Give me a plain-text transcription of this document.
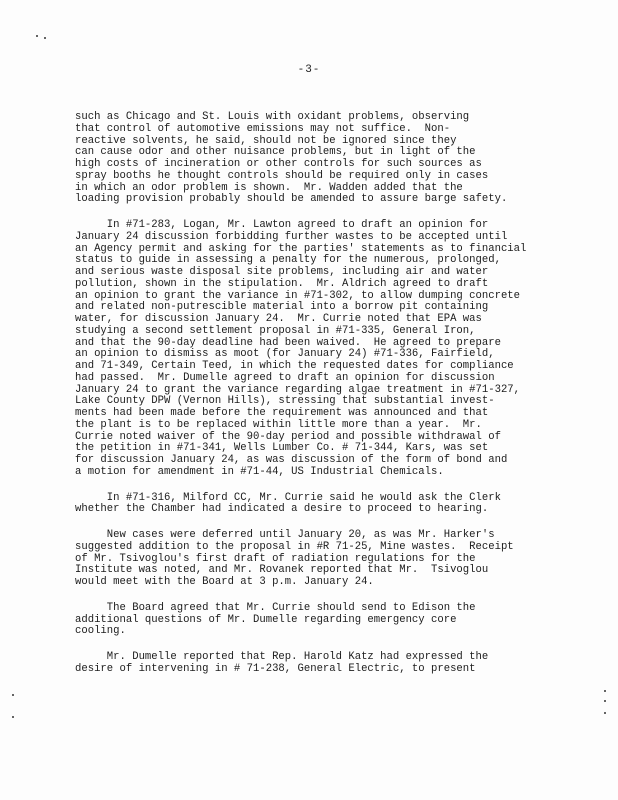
-3-
such as Chicago and St. Louis with oxidant problems, observing
that control of automotive emissions may not suffice.  Non-
reactive solvents, he said, should not be ignored since they
can cause odor and other nuisance problems, but in light of the
high costs of incineration or other controls for such sources as
spray booths he thought controls should be required only in cases
in which an odor problem is shown.  Mr. Wadden added that the
loading provision probably should be amended to assure barge safety.
In #71-283, Logan, Mr. Lawton agreed to draft an opinion for
January 24 discussion forbidding further wastes to be accepted until
an Agency permit and asking for the parties' statements as to financial
status to guide in assessing a penalty for the numerous, prolonged,
and serious waste disposal site problems, including air and water
pollution, shown in the stipulation.  Mr. Aldrich agreed to draft
an opinion to grant the variance in #71-302, to allow dumping concrete
and related non-putrescible material into a borrow pit containing
water, for discussion January 24.  Mr. Currie noted that EPA was
studying a second settlement proposal in #71-335, General Iron,
and that the 90-day deadline had been waived.  He agreed to prepare
an opinion to dismiss as moot (for January 24) #71-336, Fairfield,
and 71-349, Certain Teed, in which the requested dates for compliance
had passed.  Mr. Dumelle agreed to draft an opinion for discussion
January 24 to grant the variance regarding algae treatment in #71-327,
Lake County DPW (Vernon Hills), stressing that substantial invest-
ments had been made before the requirement was announced and that
the plant is to be replaced within little more than a year.  Mr.
Currie noted waiver of the 90-day period and possible withdrawal of
the petition in #71-341, Wells Lumber Co. # 71-344, Kars, was set
for discussion January 24, as was discussion of the form of bond and
a motion for amendment in #71-44, US Industrial Chemicals.
In #71-316, Milford CC, Mr. Currie said he would ask the Clerk
whether the Chamber had indicated a desire to proceed to hearing.
New cases were deferred until January 20, as was Mr. Harker's
suggested addition to the proposal in #R 71-25, Mine wastes.  Receipt
of Mr. Tsivoglou's first draft of radiation regulations for the
Institute was noted, and Mr. Rovanek reported that Mr.  Tsivoglou
would meet with the Board at 3 p.m. January 24.
The Board agreed that Mr. Currie should send to Edison the
additional questions of Mr. Dumelle regarding emergency core
cooling.
Mr. Dumelle reported that Rep. Harold Katz had expressed the
desire of intervening in # 71-238, General Electric, to present
